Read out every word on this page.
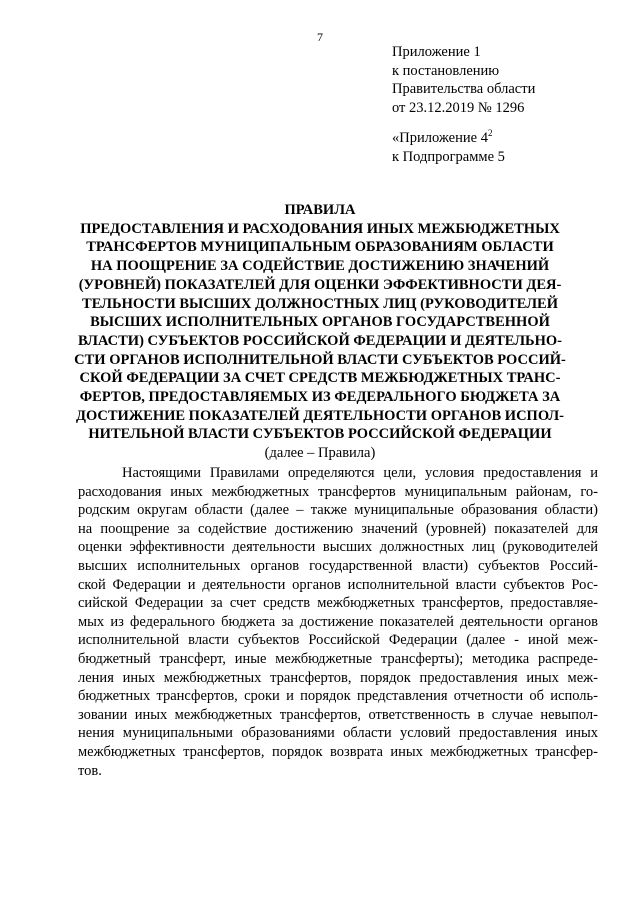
7
Приложение 1
к постановлению
Правительства области
от 23.12.2019 № 1296
«Приложение $4^2$
к Подпрограмме 5
ПРАВИЛА
ПРЕДОСТАВЛЕНИЯ И РАСХОДОВАНИЯ ИНЫХ МЕЖБЮДЖЕТНЫХ
ТРАНСФЕРТОВ МУНИЦИПАЛЬНЫМ ОБРАЗОВАНИЯМ ОБЛАСТИ
НА ПООЩРЕНИЕ ЗА СОДЕЙСТВИЕ ДОСТИЖЕНИЮ ЗНАЧЕНИЙ
(УРОВНЕЙ) ПОКАЗАТЕЛЕЙ ДЛЯ ОЦЕНКИ ЭФФЕКТИВНОСТИ ДЕЯ-
ТЕЛЬНОСТИ ВЫСШИХ ДОЛЖНОСТНЫХ ЛИЦ (РУКОВОДИТЕЛЕЙ
ВЫСШИХ ИСПОЛНИТЕЛЬНЫХ ОРГАНОВ ГОСУДАРСТВЕННОЙ
ВЛАСТИ) СУБЪЕКТОВ РОССИЙСКОЙ ФЕДЕРАЦИИ И ДЕЯТЕЛЬНО-
СТИ ОРГАНОВ ИСПОЛНИТЕЛЬНОЙ ВЛАСТИ СУБЪЕКТОВ РОССИЙ-
СКОЙ ФЕДЕРАЦИИ ЗА СЧЕТ СРЕДСТВ МЕЖБЮДЖЕТНЫХ ТРАНС-
ФЕРТОВ, ПРЕДОСТАВЛЯЕМЫХ ИЗ ФЕДЕРАЛЬНОГО БЮДЖЕТА ЗА
ДОСТИЖЕНИЕ ПОКАЗАТЕЛЕЙ ДЕЯТЕЛЬНОСТИ ОРГАНОВ ИСПОЛ-
НИТЕЛЬНОЙ ВЛАСТИ СУБЪЕКТОВ РОССИЙСКОЙ ФЕДЕРАЦИИ
(далее – Правила)
Настоящими Правилами определяются цели, условия предоставления и
расходования иных межбюджетных трансфертов муниципальным районам, го-
родским округам области (далее – также муниципальные образования области)
на поощрение за содействие достижению значений (уровней) показателей для
оценки эффективности деятельности высших должностных лиц (руководителей
высших исполнительных органов государственной власти) субъектов Россий-
ской Федерации и деятельности органов исполнительной власти субъектов Рос-
сийской Федерации за счет средств межбюджетных трансфертов, предоставляе-
мых из федерального бюджета за достижение показателей деятельности органов
исполнительной власти субъектов Российской Федерации (далее - иной меж-
бюджетный трансферт, иные межбюджетные трансферты); методика распреде-
ления иных межбюджетных трансфертов, порядок предоставления иных меж-
бюджетных трансфертов, сроки и порядок представления отчетности об исполь-
зовании иных межбюджетных трансфертов, ответственность в случае невыпол-
нения муниципальными образованиями области условий предоставления иных
межбюджетных трансфертов, порядок возврата иных межбюджетных трансфер-
тов.
